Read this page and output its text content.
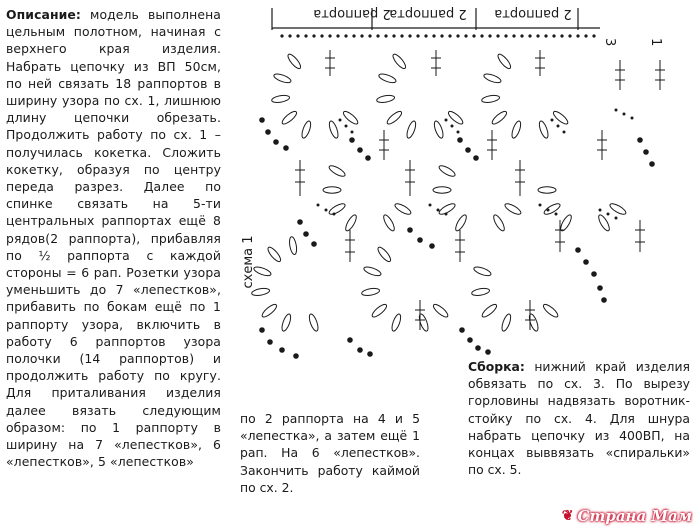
Описание: модель выполнена цельным полотном, начиная с верхнего края изделия. Набрать цепочку из ВП 50см, по ней связать 18 раппортов в ширину узора по сх. 1, лишнюю длину цепочки обрезать. Продолжить работу по сх. 1 – получилась кокетка. Сложить кокетку, образуя по центру переда разрез. Далее по спинке связать на 5-ти центральных раппортах ещё 8 рядов(2 раппорта), прибавляя по ½ раппорта с каждой стороны = 6 рап. Розетки узора уменьшить до 7 «лепестков», прибавить по бокам ещё по 1 раппорту узора, включить в работу 6 раппортов узора полочки (14 раппортов) и продолжить работу по кругу. Для приталивания изделия далее вязать следующим образом: по 1 раппорту в ширину на 7 «лепестков», 6 «лепестков», 5 «лепестков»

2 раппорта
2 раппорта 2 раппорта
3 1
схема 1
по 2 раппорта на 4 и 5 «лепестка», а затем ещё 1 рап. На 6 «лепестков». Закончить работу каймой по сх. 2.

Сборка: нижний край изделия обвязать по сх. 3. По вырезу горловины надвязать воротник-стойку по сх. 4. Для шнура набрать цепочку из 400ВП, на концах выввязать «спиральки» по сх. 5.

❦ Страна Мам
